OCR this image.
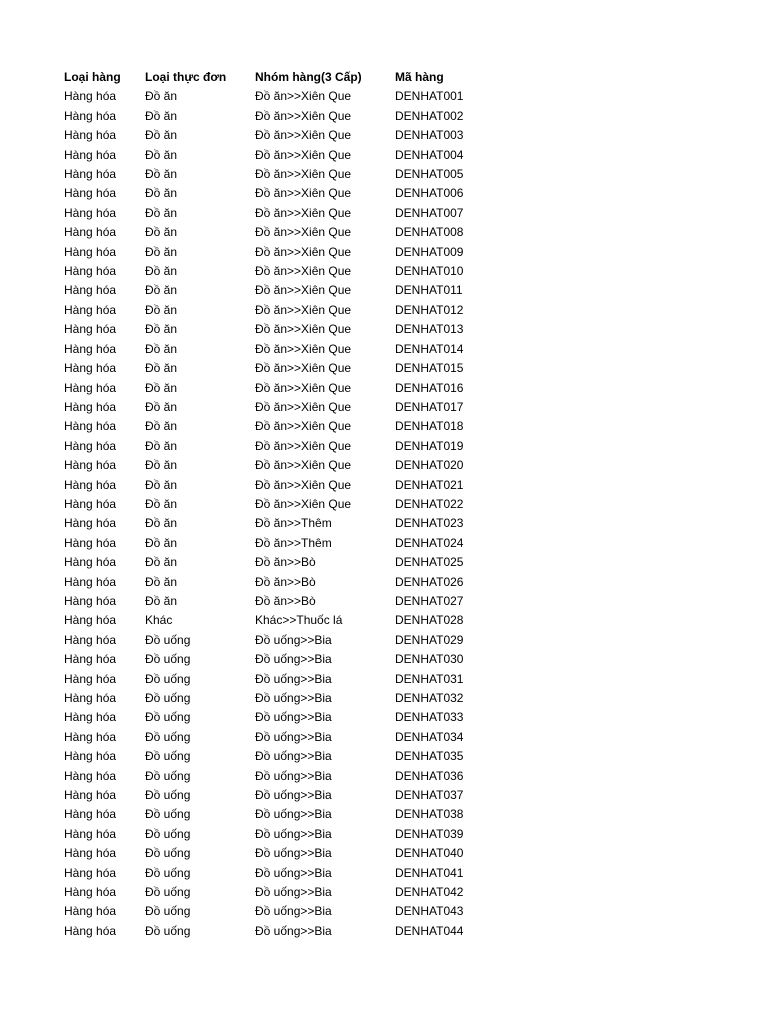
Loại hàng	Loại thực đơn	Nhóm hàng(3 Cấp)	Mã hàng
Hàng hóa	Đồ ăn	Đồ ăn>>Xiên Que	DENHAT001
Hàng hóa	Đồ ăn	Đồ ăn>>Xiên Que	DENHAT002
Hàng hóa	Đồ ăn	Đồ ăn>>Xiên Que	DENHAT003
Hàng hóa	Đồ ăn	Đồ ăn>>Xiên Que	DENHAT004
Hàng hóa	Đồ ăn	Đồ ăn>>Xiên Que	DENHAT005
Hàng hóa	Đồ ăn	Đồ ăn>>Xiên Que	DENHAT006
Hàng hóa	Đồ ăn	Đồ ăn>>Xiên Que	DENHAT007
Hàng hóa	Đồ ăn	Đồ ăn>>Xiên Que	DENHAT008
Hàng hóa	Đồ ăn	Đồ ăn>>Xiên Que	DENHAT009
Hàng hóa	Đồ ăn	Đồ ăn>>Xiên Que	DENHAT010
Hàng hóa	Đồ ăn	Đồ ăn>>Xiên Que	DENHAT011
Hàng hóa	Đồ ăn	Đồ ăn>>Xiên Que	DENHAT012
Hàng hóa	Đồ ăn	Đồ ăn>>Xiên Que	DENHAT013
Hàng hóa	Đồ ăn	Đồ ăn>>Xiên Que	DENHAT014
Hàng hóa	Đồ ăn	Đồ ăn>>Xiên Que	DENHAT015
Hàng hóa	Đồ ăn	Đồ ăn>>Xiên Que	DENHAT016
Hàng hóa	Đồ ăn	Đồ ăn>>Xiên Que	DENHAT017
Hàng hóa	Đồ ăn	Đồ ăn>>Xiên Que	DENHAT018
Hàng hóa	Đồ ăn	Đồ ăn>>Xiên Que	DENHAT019
Hàng hóa	Đồ ăn	Đồ ăn>>Xiên Que	DENHAT020
Hàng hóa	Đồ ăn	Đồ ăn>>Xiên Que	DENHAT021
Hàng hóa	Đồ ăn	Đồ ăn>>Xiên Que	DENHAT022
Hàng hóa	Đồ ăn	Đồ ăn>>Thêm	DENHAT023
Hàng hóa	Đồ ăn	Đồ ăn>>Thêm	DENHAT024
Hàng hóa	Đồ ăn	Đồ ăn>>Bò	DENHAT025
Hàng hóa	Đồ ăn	Đồ ăn>>Bò	DENHAT026
Hàng hóa	Đồ ăn	Đồ ăn>>Bò	DENHAT027
Hàng hóa	Khác	Khác>>Thuốc lá	DENHAT028
Hàng hóa	Đồ uống	Đồ uống>>Bia	DENHAT029
Hàng hóa	Đồ uống	Đồ uống>>Bia	DENHAT030
Hàng hóa	Đồ uống	Đồ uống>>Bia	DENHAT031
Hàng hóa	Đồ uống	Đồ uống>>Bia	DENHAT032
Hàng hóa	Đồ uống	Đồ uống>>Bia	DENHAT033
Hàng hóa	Đồ uống	Đồ uống>>Bia	DENHAT034
Hàng hóa	Đồ uống	Đồ uống>>Bia	DENHAT035
Hàng hóa	Đồ uống	Đồ uống>>Bia	DENHAT036
Hàng hóa	Đồ uống	Đồ uống>>Bia	DENHAT037
Hàng hóa	Đồ uống	Đồ uống>>Bia	DENHAT038
Hàng hóa	Đồ uống	Đồ uống>>Bia	DENHAT039
Hàng hóa	Đồ uống	Đồ uống>>Bia	DENHAT040
Hàng hóa	Đồ uống	Đồ uống>>Bia	DENHAT041
Hàng hóa	Đồ uống	Đồ uống>>Bia	DENHAT042
Hàng hóa	Đồ uống	Đồ uống>>Bia	DENHAT043
Hàng hóa	Đồ uống	Đồ uống>>Bia	DENHAT044
